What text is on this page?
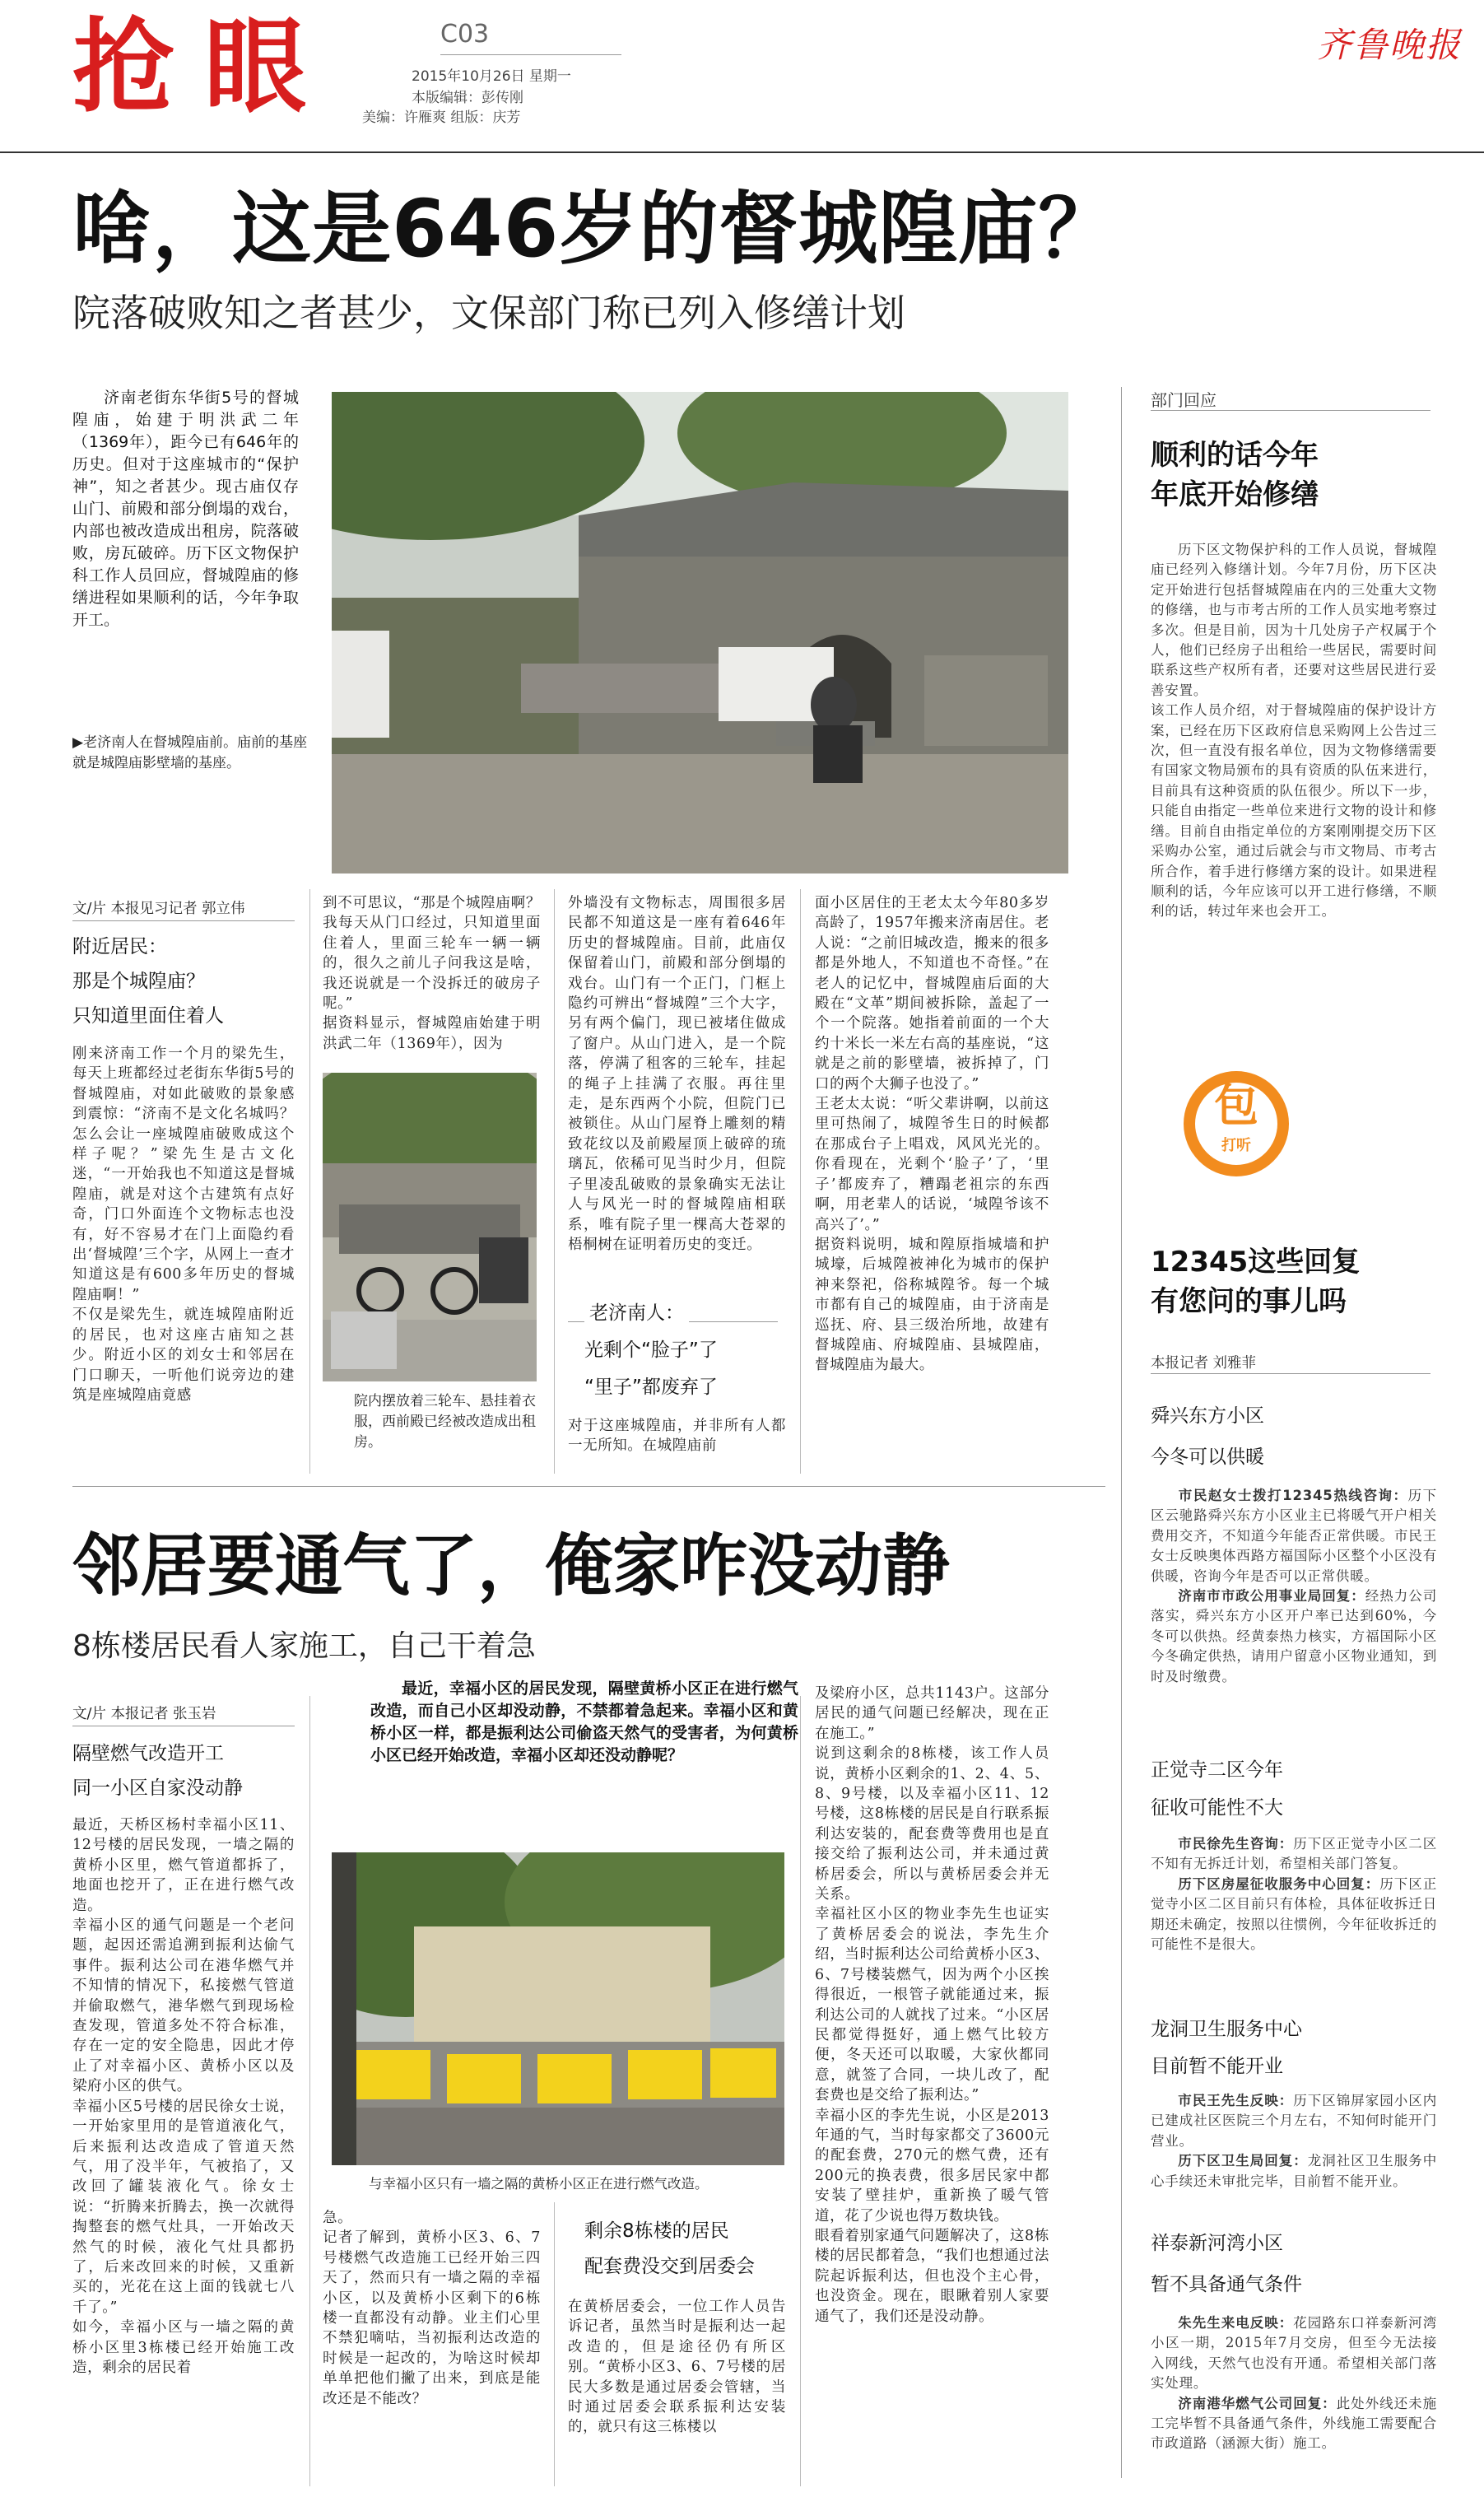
抢 眼	C03
2015年10月26日 星期一
本版编辑：彭传刚
美编：许雁爽 组版：庆芳
齐鲁晚报
啥，这是646岁的督城隍庙？
院落破败知之者甚少，文保部门称已列入修缮计划
济南老街东华街5号的督城隍庙，始建于明洪武二年（1369年），距今已有646年的历史。但对于这座城市的“保护神”，知之者甚少。现古庙仅存山门、前殿和部分倒塌的戏台，内部也被改造成出租房，院落破败，房瓦破碎。历下区文物保护科工作人员回应，督城隍庙的修缮进程如果顺利的话，今年争取开工。
▶老济南人在督城隍庙前。庙前的基座就是城隍庙影壁墙的基座。
文/片 本报见习记者 郭立伟
附近居民：
那是个城隍庙？
只知道里面住着人
刚来济南工作一个月的梁先生，每天上班都经过老街东华街5号的督城隍庙，对如此破败的景象感到震惊：“济南不是文化名城吗？怎么会让一座城隍庙破败成这个样子呢？”梁先生是古文化迷，“一开始我也不知道这是督城隍庙，就是对这个古建筑有点好奇，门口外面连个文物标志也没有，好不容易才在门上面隐约看出‘督城隍’三个字，从网上一查才知道这是有600多年历史的督城隍庙啊！”
不仅是梁先生，就连城隍庙附近的居民，也对这座古庙知之甚少。附近小区的刘女士和邻居在门口聊天，一听他们说旁边的建筑是座城隍庙竟感
到不可思议，“那是个城隍庙啊？我每天从门口经过，只知道里面住着人，里面三轮车一辆一辆的，很久之前儿子问我这是啥，我还说就是一个没拆迁的破房子呢。”
据资料显示，督城隍庙始建于明洪武二年（1369年），因为
院内摆放着三轮车、悬挂着衣服，西前殿已经被改造成出租房。
外墙没有文物标志，周围很多居民都不知道这是一座有着646年历史的督城隍庙。目前，此庙仅保留着山门，前殿和部分倒塌的戏台。山门有一个正门，门框上隐约可辨出“督城隍”三个大字，另有两个偏门，现已被堵住做成了窗户。从山门进入，是一个院落，停满了租客的三轮车，挂起的绳子上挂满了衣服。再往里走，是东西两个小院，但院门已被锁住。从山门屋脊上雕刻的精致花纹以及前殿屋顶上破碎的琉璃瓦，依稀可见当时少月，但院子里凌乱破败的景象确实无法让人与风光一时的督城隍庙相联系，唯有院子里一棵高大苍翠的梧桐树在证明着历史的变迁。
老济南人：
光剩个“脸子”了
“里子”都废弃了
对于这座城隍庙，并非所有人都一无所知。在城隍庙前
面小区居住的王老太太今年80多岁高龄了，1957年搬来济南居住。老人说：“之前旧城改造，搬来的很多都是外地人，不知道也不奇怪。”在老人的记忆中，督城隍庙后面的大殿在“文革”期间被拆除，盖起了一个一个院落。她指着前面的一个大约十米长一米左右高的基座说，“这就是之前的影壁墙，被拆掉了，门口的两个大狮子也没了。”
王老太太说：“听父辈讲啊，以前这里可热闹了，城隍爷生日的时候都在那成台子上唱戏，风风光光的。你看现在，光剩个‘脸子’了，‘里子’都废弃了，糟蹋老祖宗的东西啊，用老辈人的话说，‘城隍爷该不高兴了’。”
据资料说明，城和隍原指城墙和护城壕，后城隍被神化为城市的保护神来祭祀，俗称城隍爷。每一个城市都有自己的城隍庙，由于济南是巡抚、府、县三级治所地，故建有督城隍庙、府城隍庙、县城隍庙，督城隍庙为最大。
部门回应
顺利的话今年
年底开始修缮
历下区文物保护科的工作人员说，督城隍庙已经列入修缮计划。今年7月份，历下区决定开始进行包括督城隍庙在内的三处重大文物的修缮，也与市考古所的工作人员实地考察过多次。但是目前，因为十几处房子产权属于个人，他们已经房子出租给一些居民，需要时间联系这些产权所有者，还要对这些居民进行妥善安置。
该工作人员介绍，对于督城隍庙的保护设计方案，已经在历下区政府信息采购网上公告过三次，但一直没有报名单位，因为文物修缮需要有国家文物局颁布的具有资质的队伍来进行，目前具有这种资质的队伍很少。所以下一步，只能自由指定一些单位来进行文物的设计和修缮。目前自由指定单位的方案刚刚提交历下区采购办公室，通过后就会与市文物局、市考古所合作，着手进行修缮方案的设计。如果进程顺利的话，今年应该可以开工进行修缮，不顺利的话，转过年来也会开工。
包
打听
12345这些回复
有您问的事儿吗
本报记者 刘雅菲
舜兴东方小区
今冬可以供暖
市民赵女士拨打12345热线咨询：历下区云驰路舜兴东方小区业主已将暖气开户相关费用交齐，不知道今年能否正常供暖。市民王女士反映奥体西路方福国际小区整个小区没有供暖，咨询今年是否可以正常供暖。
济南市市政公用事业局回复：经热力公司落实，舜兴东方小区开户率已达到60%，今冬可以供热。经黄泰热力核实，方福国际小区今冬确定供热，请用户留意小区物业通知，到时及时缴费。
正觉寺二区今年
征收可能性不大
市民徐先生咨询：历下区正觉寺小区二区不知有无拆迁计划，希望相关部门答复。
历下区房屋征收服务中心回复：历下区正觉寺小区二区目前只有体检，具体征收拆迁日期还未确定，按照以往惯例，今年征收拆迁的可能性不是很大。
龙洞卫生服务中心
目前暂不能开业
市民王先生反映：历下区锦屏家园小区内已建成社区医院三个月左右，不知何时能开门营业。
历下区卫生局回复：龙洞社区卫生服务中心手续还未审批完毕，目前暂不能开业。
祥泰新河湾小区
暂不具备通气条件
朱先生来电反映：花园路东口祥泰新河湾小区一期，2015年7月交房，但至今无法接入网线，天然气也没有开通。希望相关部门落实处理。
济南港华燃气公司回复：此处外线还未施工完毕暂不具备通气条件，外线施工需要配合市政道路（涵源大街）施工。
邻居要通气了，俺家咋没动静
8栋楼居民看人家施工，自己干着急
文/片 本报记者 张玉岩
最近，幸福小区的居民发现，隔壁黄桥小区正在进行燃气改造，而自己小区却没动静，不禁都着急起来。幸福小区和黄桥小区一样，都是振利达公司偷盗天然气的受害者，为何黄桥小区已经开始改造，幸福小区却还没动静呢？
隔壁燃气改造开工
同一小区自家没动静
最近，天桥区杨村幸福小区11、12号楼的居民发现，一墙之隔的黄桥小区里，燃气管道都拆了，地面也挖开了，正在进行燃气改造。
幸福小区的通气问题是一个老问题，起因还需追溯到振利达偷气事件。振利达公司在港华燃气并不知情的情况下，私接燃气管道并偷取燃气，港华燃气到现场检查发现，管道多处不符合标准，存在一定的安全隐患，因此才停止了对幸福小区、黄桥小区以及梁府小区的供气。
幸福小区5号楼的居民徐女士说，一开始家里用的是管道液化气，后来振利达改造成了管道天然气，用了没半年，气被掐了，又改回了罐装液化气。徐女士说：“折腾来折腾去，换一次就得掏整套的燃气灶具，一开始改天然气的时候，液化气灶具都扔了，后来改回来的时候，又重新买的，光花在这上面的钱就七八千了。”
如今，幸福小区与一墙之隔的黄桥小区里3栋楼已经开始施工改造，剩余的居民着
与幸福小区只有一墙之隔的黄桥小区正在进行燃气改造。
急。
记者了解到，黄桥小区3、6、7号楼燃气改造施工已经开始三四天了，然而只有一墙之隔的幸福小区，以及黄桥小区剩下的6栋楼一直都没有动静。业主们心里不禁犯嘀咕，当初振利达改造的时候是一起改的，为啥这时候却单单把他们撇了出来，到底是能改还是不能改？
剩余8栋楼的居民
配套费没交到居委会
在黄桥居委会，一位工作人员告诉记者，虽然当时是振利达一起改造的，但是途径仍有所区别。“黄桥小区3、6、7号楼的居民大多数是通过居委会管辖，当时通过居委会联系振利达安装的，就只有这三栋楼以
及梁府小区，总共1143户。这部分居民的通气问题已经解决，现在正在施工。”
说到这剩余的8栋楼，该工作人员说，黄桥小区剩余的1、2、4、5、8、9号楼，以及幸福小区11、12号楼，这8栋楼的居民是自行联系振利达安装的，配套费等费用也是直接交给了振利达公司，并未通过黄桥居委会，所以与黄桥居委会并无关系。
幸福社区小区的物业李先生也证实了黄桥居委会的说法，李先生介绍，当时振利达公司给黄桥小区3、6、7号楼装燃气，因为两个小区挨得很近，一根管子就能通过来，振利达公司的人就找了过来。“小区居民都觉得挺好，通上燃气比较方便，冬天还可以取暖，大家伙都同意，就签了合同，一块儿改了，配套费也是交给了振利达。”
幸福小区的李先生说，小区是2013年通的气，当时每家都交了3600元的配套费，270元的燃气费，还有200元的换表费，很多居民家中都安装了壁挂炉，重新换了暖气管道，花了少说也得万数块钱。
眼看着别家通气问题解决了，这8栋楼的居民都着急，“我们也想通过法院起诉振利达，但也没个主心骨，也没资金。现在，眼瞅着别人家要通气了，我们还是没动静。
